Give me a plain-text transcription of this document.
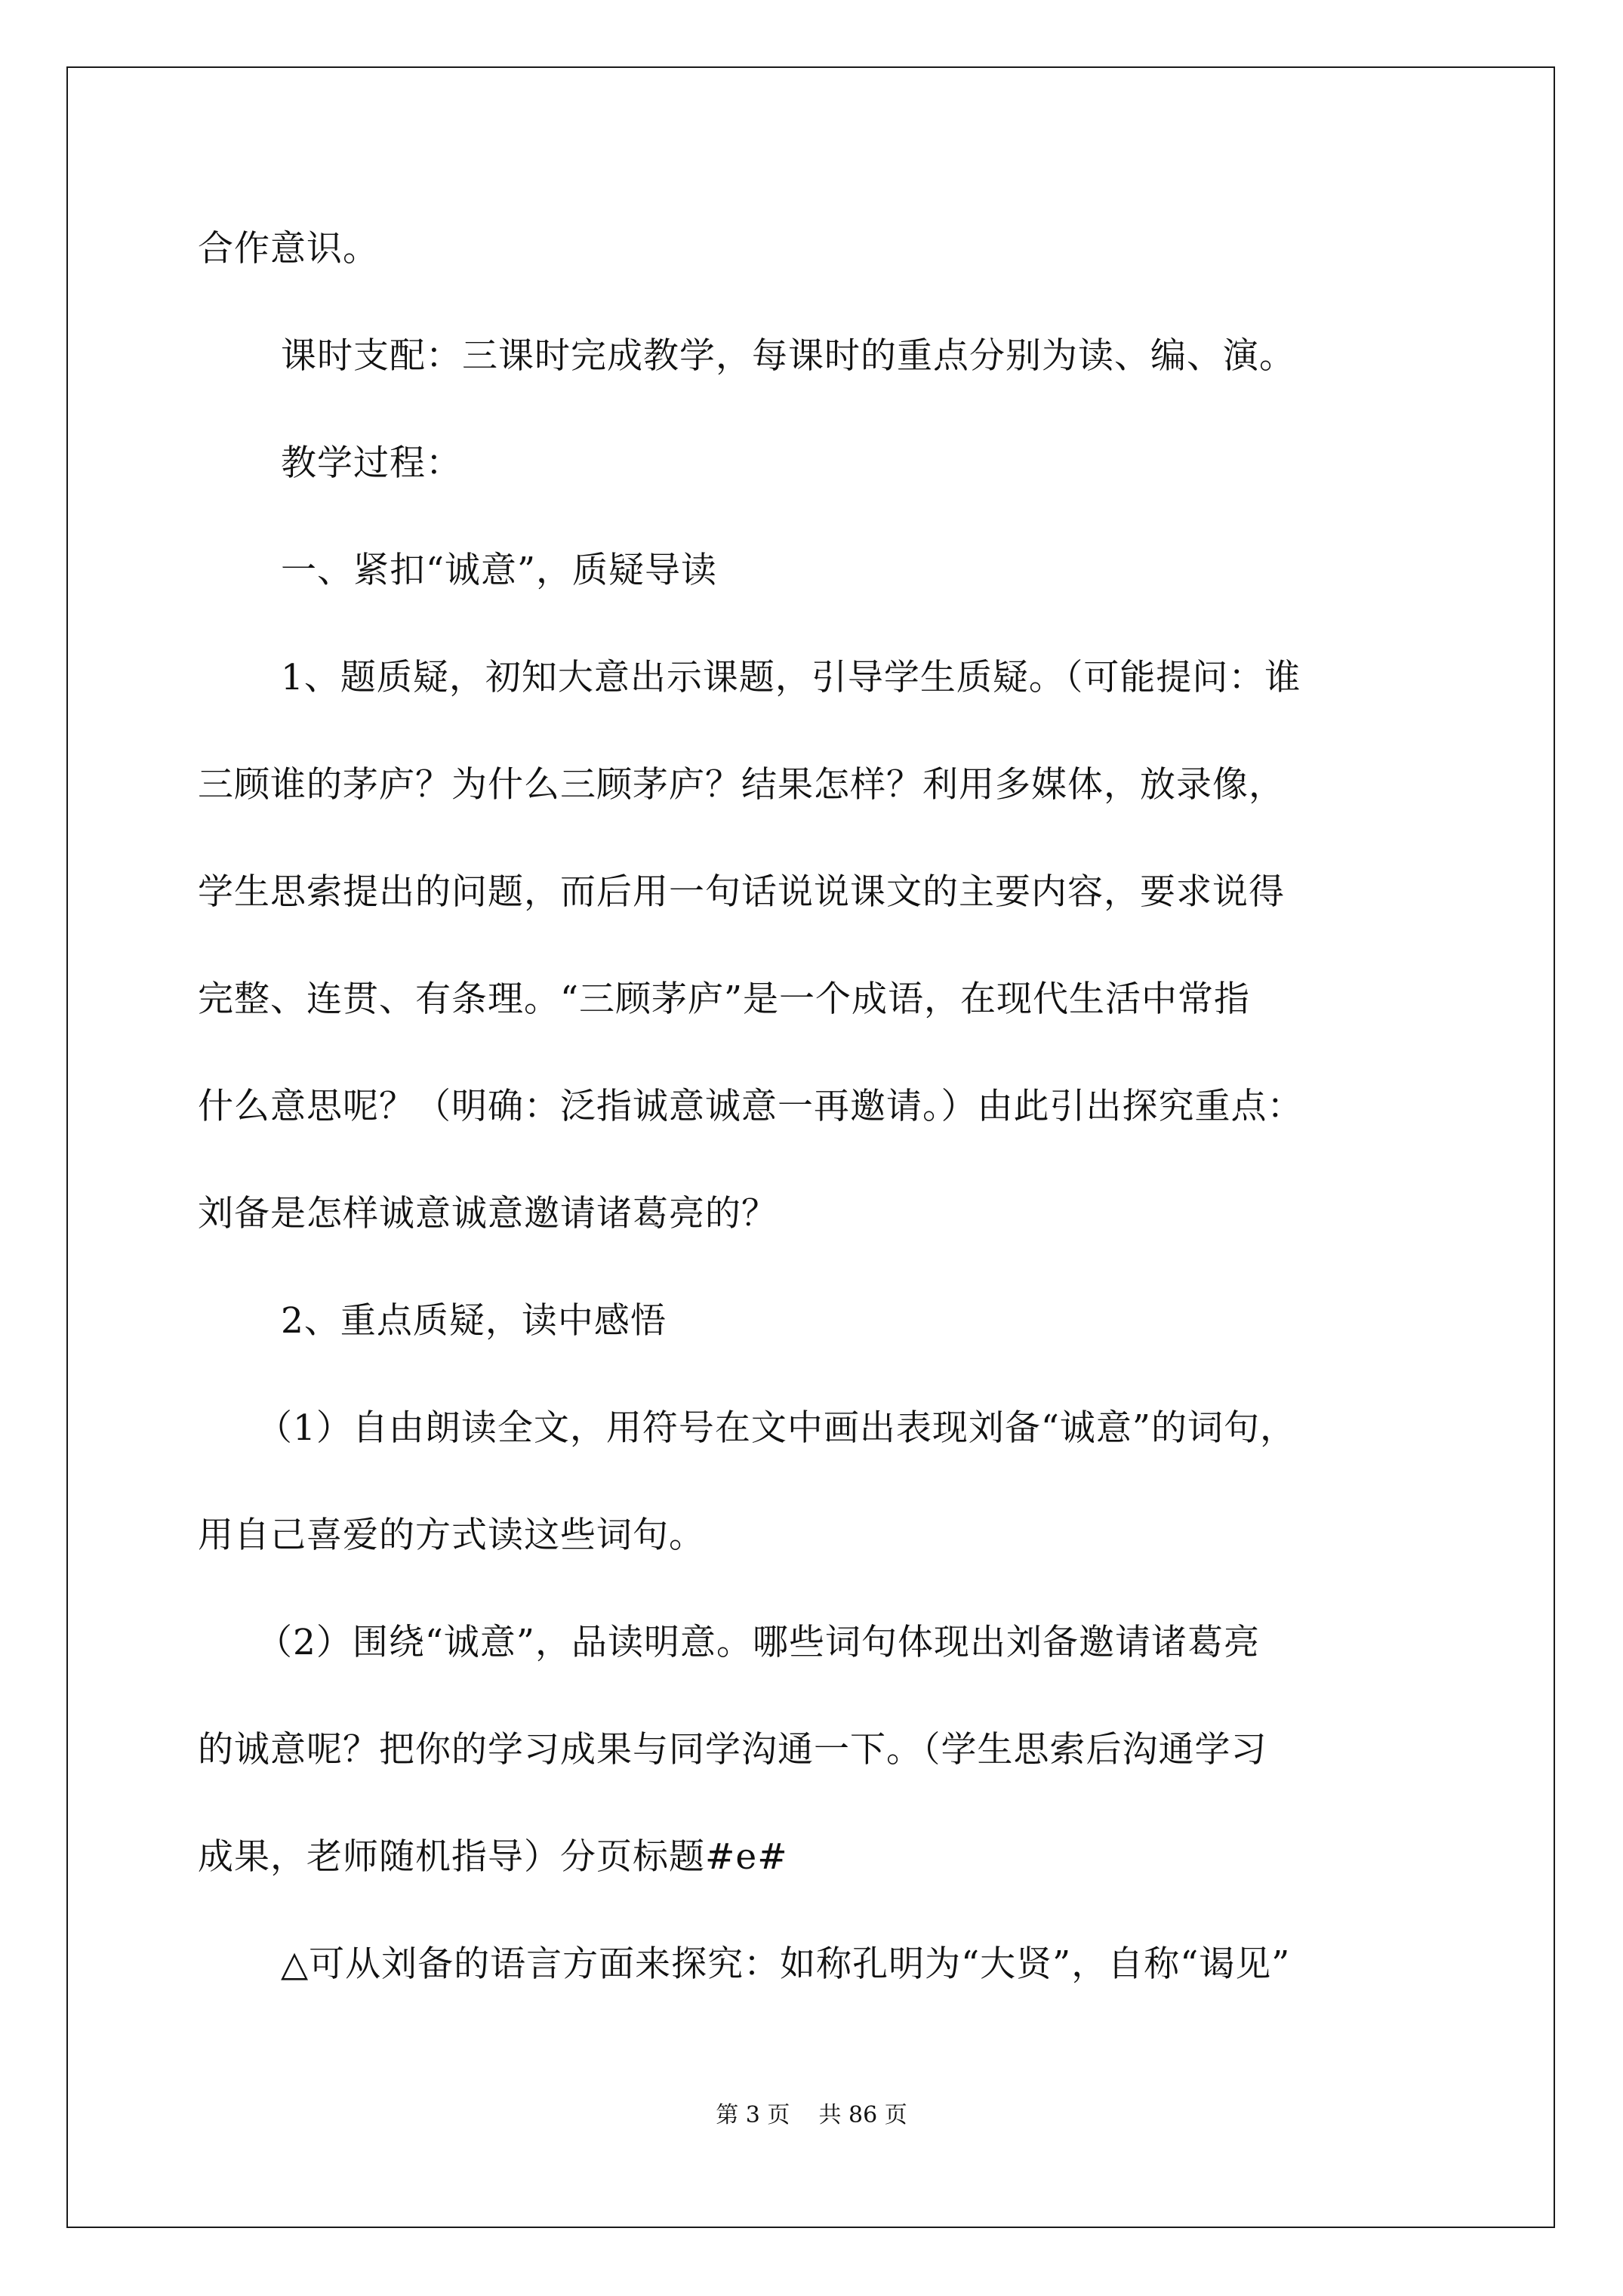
合作意识。

课时支配：三课时完成教学，每课时的重点分别为读、编、演。

教学过程：

一、紧扣“诚意”，质疑导读

1、题质疑，初知大意出示课题，引导学生质疑。（可能提问：谁

三顾谁的茅庐？为什么三顾茅庐？结果怎样？利用多媒体，放录像，

学生思索提出的问题，而后用一句话说说课文的主要内容，要求说得

完整、连贯、有条理。“三顾茅庐”是一个成语，在现代生活中常指

什么意思呢？（明确：泛指诚意诚意一再邀请。）由此引出探究重点：

刘备是怎样诚意诚意邀请诸葛亮的？

2、重点质疑，读中感悟

（1）自由朗读全文，用符号在文中画出表现刘备“诚意”的词句，

用自己喜爱的方式读这些词句。

（2）围绕“诚意”，品读明意。哪些词句体现出刘备邀请诸葛亮

的诚意呢？把你的学习成果与同学沟通一下。（学生思索后沟通学习

成果，老师随机指导）分页标题#e#

△可从刘备的语言方面来探究：如称孔明为“大贤”，自称“谒见”

第 3 页    共 86 页
